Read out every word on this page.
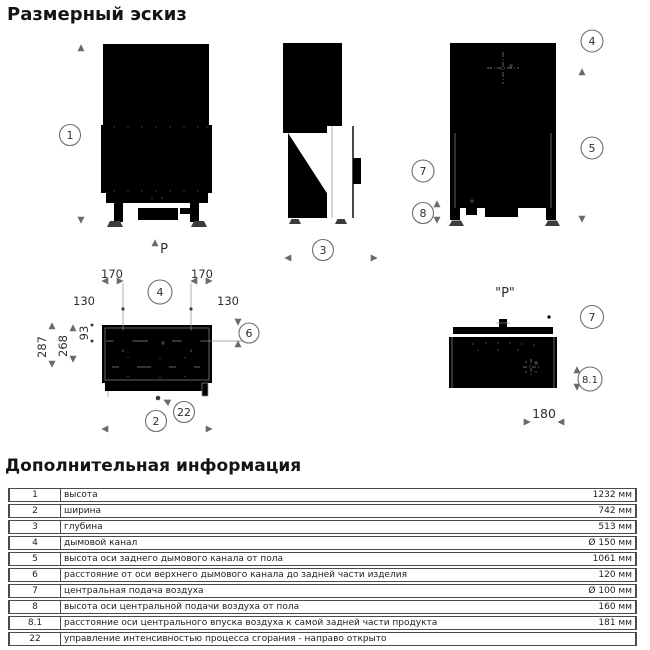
Размерный эскиз
1
P	3
4
5
7
8
170	170
130	130
93
268
287
4
6
22
2
"P"
7
8.1
180
Дополнительная информация
1	высота	1232 мм
2	ширина	742 мм
3	глубина	513 мм
4	дымовой канал	Ø 150 мм
5	высота оси заднего дымового канала от пола	1061 мм
6	расстояние от оси верхнего дымового канала до задней части изделия	120 мм
7	центральная подача воздуха	Ø 100 мм
8	высота оси центральной подачи воздуха от пола	160 мм
8.1	расстояние оси центрального впуска воздуха к самой задней части продукта	181 мм
22	управление интенсивностью процесса сгорания - направо открыто	
